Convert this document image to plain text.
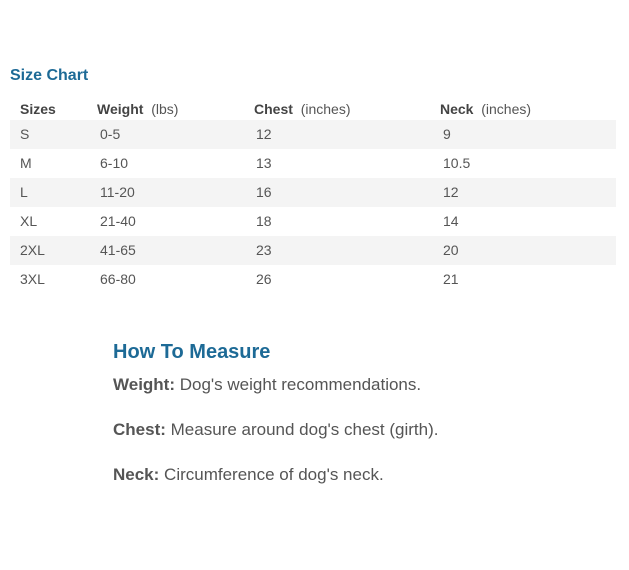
Size Chart
Sizes	Weight (lbs)	Chest (inches)	Neck (inches)
S	0-5	12	9
M	6-10	13	10.5
L	11-20	16	12
XL	21-40	18	14
2XL	41-65	23	20
3XL	66-80	26	21
How To Measure

Weight: Dog's weight recommendations.

Chest: Measure around dog's chest (girth).

Neck: Circumference of dog's neck.
